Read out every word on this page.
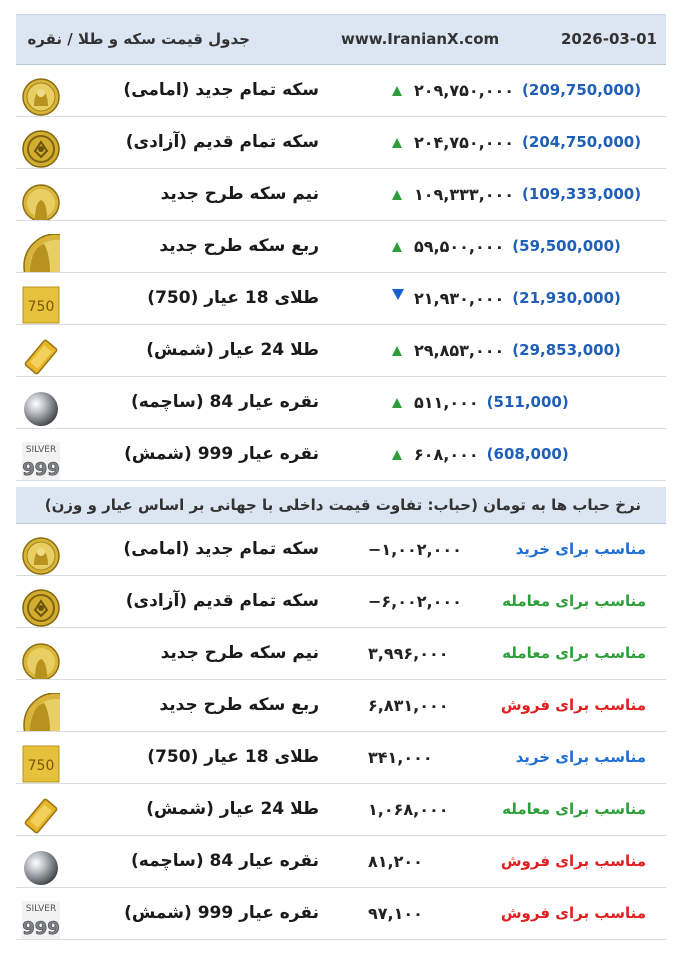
2026-03-01
www.IranianX.com
جدول قیمت سکه و طلا / نقره
سکه تمام جدید (امامی)	۲۰۹,۷۵۰,۰۰۰ (209,750,000)
سکه تمام قدیم (آزادی)	۲۰۴,۷۵۰,۰۰۰ (204,750,000)
نیم سکه طرح جدید	۱۰۹,۳۳۳,۰۰۰ (109,333,000)
ربع سکه طرح جدید	۵۹,۵۰۰,۰۰۰ (59,500,000)
750	طلای 18 عیار (750)	۲۱,۹۳۰,۰۰۰ (21,930,000)
طلا 24 عیار (شمش)	۲۹,۸۵۳,۰۰۰ (29,853,000)
نقره عیار 84 (ساچمه)	۵۱۱,۰۰۰ (511,000)
SILVER
999
نقره عیار 999 (شمش)	۶۰۸,۰۰۰ (608,000)
نرخ حباب ها به تومان (حباب: تفاوت قیمت داخلی با جهانی بر اساس عیار و وزن)
سکه تمام جدید (امامی)	−۱,۰۰۲,۰۰۰	مناسب برای خرید
سکه تمام قدیم (آزادی)	−۶,۰۰۲,۰۰۰	مناسب برای معامله
نیم سکه طرح جدید	۳,۹۹۶,۰۰۰	مناسب برای معامله
ربع سکه طرح جدید	۶,۸۳۱,۰۰۰	مناسب برای فروش
750	طلای 18 عیار (750)	۳۴۱,۰۰۰	مناسب برای خرید
طلا 24 عیار (شمش)	۱,۰۶۸,۰۰۰	مناسب برای معامله
نقره عیار 84 (ساچمه)	۸۱,۲۰۰	مناسب برای فروش
SILVER
999
نقره عیار 999 (شمش)	۹۷,۱۰۰	مناسب برای فروش
